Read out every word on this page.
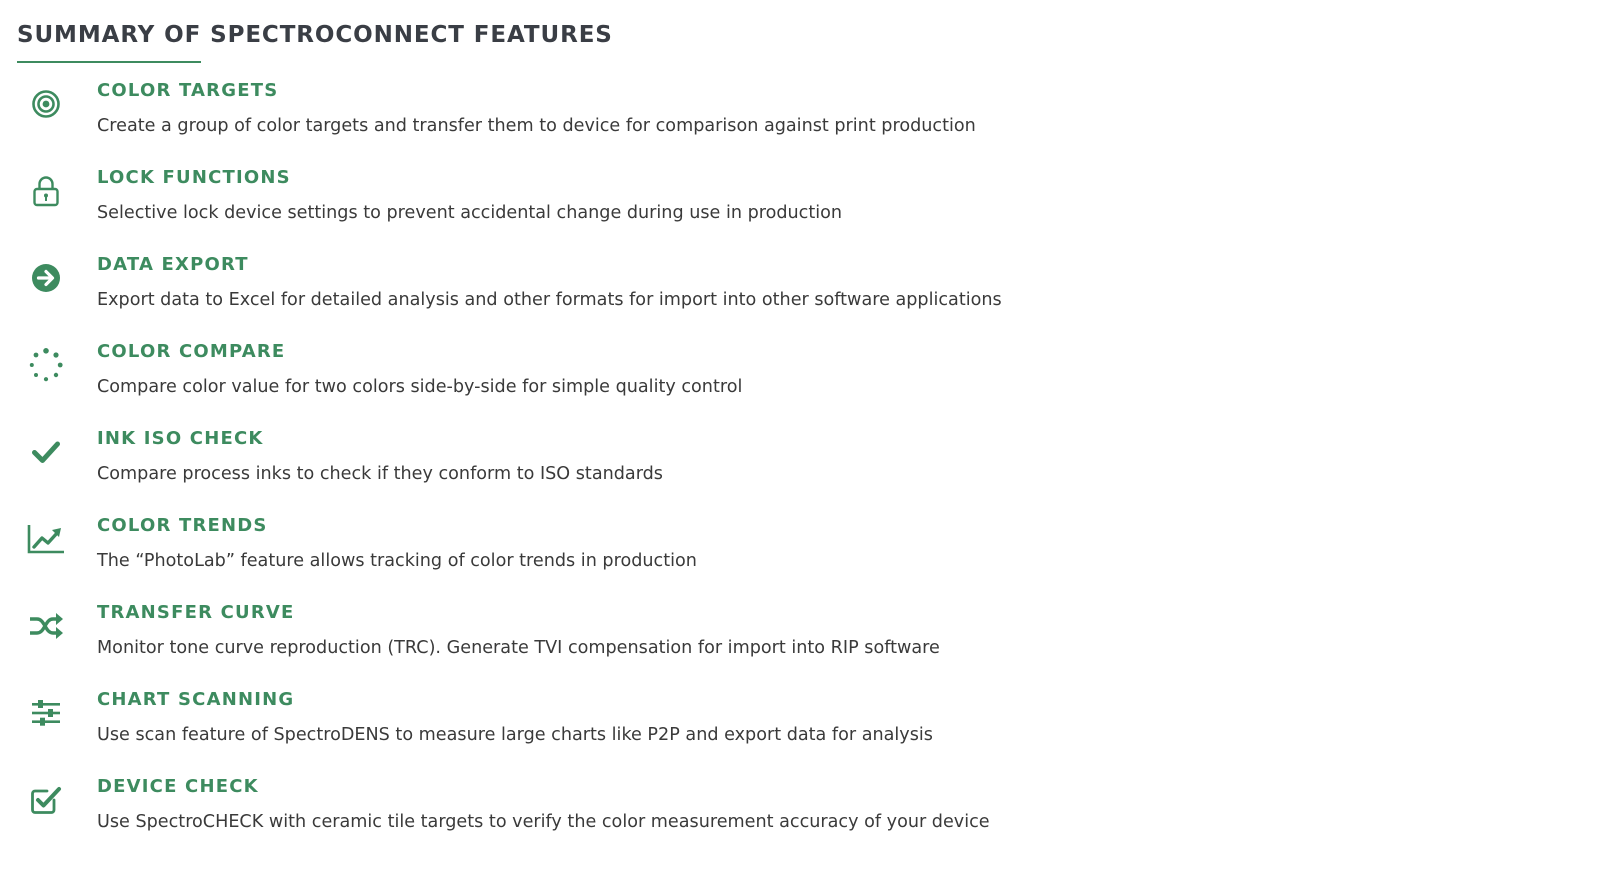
SUMMARY OF SPECTROCONNECT FEATURES
COLOR TARGETS

Create a group of color targets and transfer them to device for comparison against print production

LOCK FUNCTIONS

Selective lock device settings to prevent accidental change during use in production

DATA EXPORT

Export data to Excel for detailed analysis and other formats for import into other software applications

COLOR COMPARE

Compare color value for two colors side-by-side for simple quality control

INK ISO CHECK

Compare process inks to check if they conform to ISO standards

COLOR TRENDS

The “PhotoLab” feature allows tracking of color trends in production

TRANSFER CURVE

Monitor tone curve reproduction (TRC). Generate TVI compensation for import into RIP software

CHART SCANNING

Use scan feature of SpectroDENS to measure large charts like P2P and export data for analysis

DEVICE CHECK

Use SpectroCHECK with ceramic tile targets to verify the color measurement accuracy of your device
